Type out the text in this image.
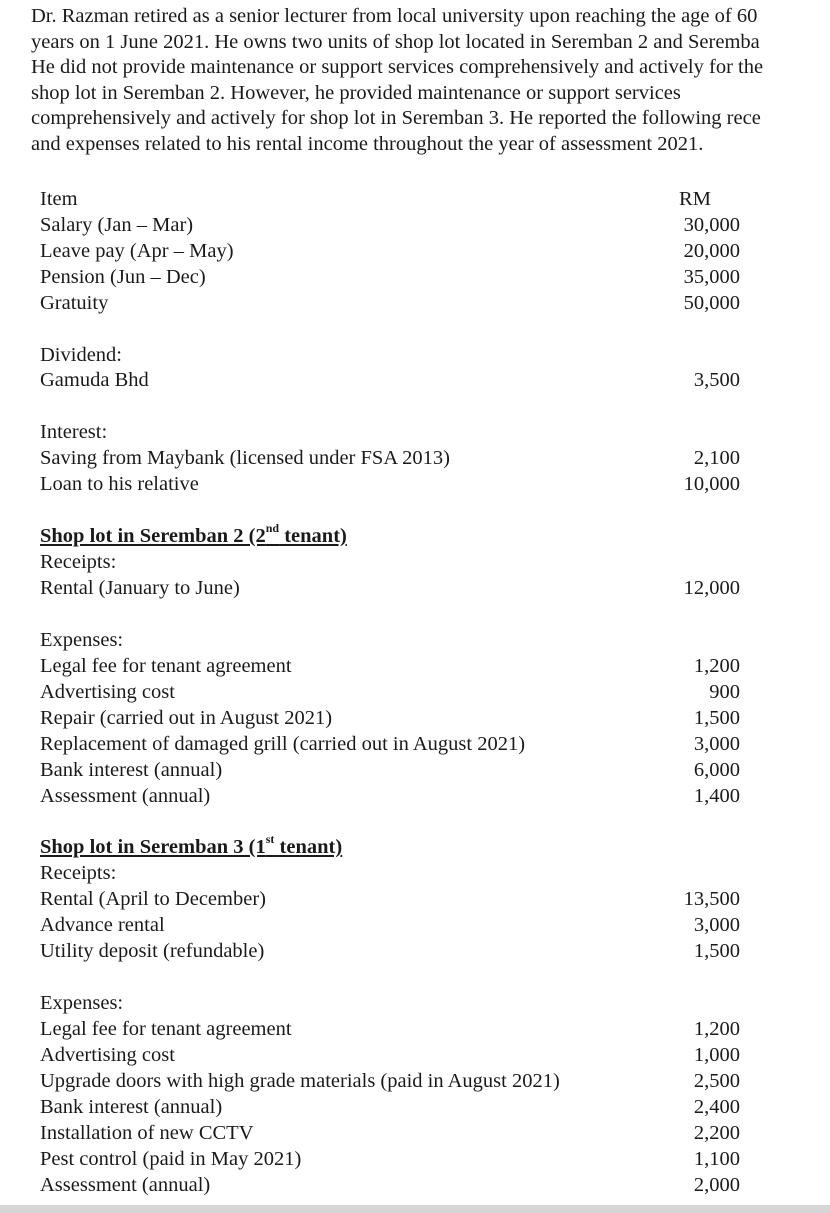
Dr. Razman retired as a senior lecturer from local university upon reaching the age of 60
years on 1 June 2021. He owns two units of shop lot located in Seremban 2 and Seremba
He did not provide maintenance or support services comprehensively and actively for the
shop lot in Seremban 2. However, he provided maintenance or support services
comprehensively and actively for shop lot in Seremban 3. He reported the following rece
and expenses related to his rental income throughout the year of assessment 2021.
Item	RM
Salary (Jan – Mar)	30,000
Leave pay (Apr – May)	20,000
Pension (Jun – Dec)	35,000
Gratuity	50,000
Dividend:
Gamuda Bhd	3,500
Interest:
Saving from Maybank (licensed under FSA 2013)	2,100
Loan to his relative	10,000
Shop lot in Seremban 2 (2nd tenant)
Receipts:
Rental (January to June)	12,000
Expenses:
Legal fee for tenant agreement	1,200
Advertising cost	900
Repair (carried out in August 2021)	1,500
Replacement of damaged grill (carried out in August 2021)	3,000
Bank interest (annual)	6,000
Assessment (annual)	1,400
Shop lot in Seremban 3 (1st tenant)
Receipts:
Rental (April to December)	13,500
Advance rental	3,000
Utility deposit (refundable)	1,500
Expenses:
Legal fee for tenant agreement	1,200
Advertising cost	1,000
Upgrade doors with high grade materials (paid in August 2021)	2,500
Bank interest (annual)	2,400
Installation of new CCTV	2,200
Pest control (paid in May 2021)	1,100
Assessment (annual)	2,000
